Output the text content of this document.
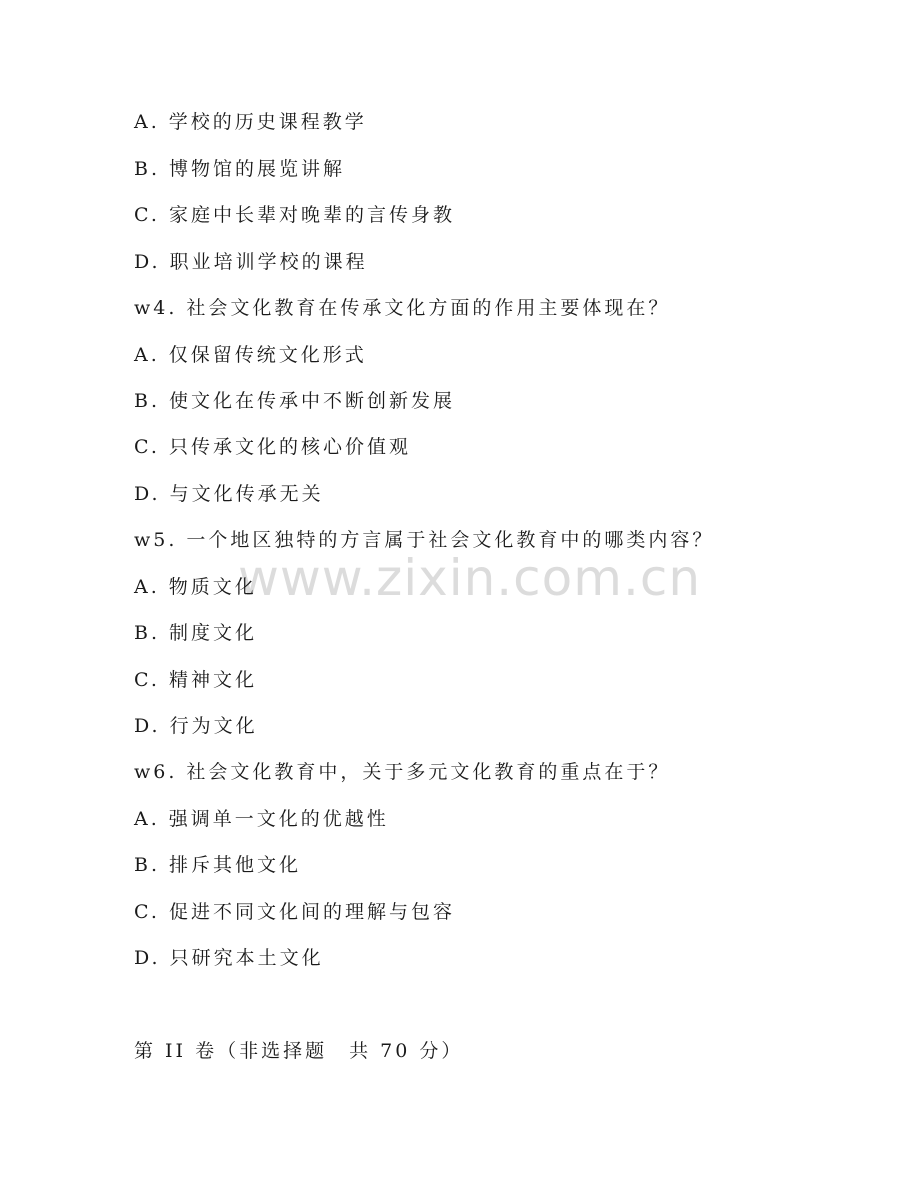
www.zixin.com.cn
A. 学校的历史课程教学
B. 博物馆的展览讲解
C. 家庭中长辈对晚辈的言传身教
D. 职业培训学校的课程
w4. 社会文化教育在传承文化方面的作用主要体现在？
A. 仅保留传统文化形式
B. 使文化在传承中不断创新发展
C. 只传承文化的核心价值观
D. 与文化传承无关
w5. 一个地区独特的方言属于社会文化教育中的哪类内容？
A. 物质文化
B. 制度文化
C. 精神文化
D. 行为文化
w6. 社会文化教育中，关于多元文化教育的重点在于？
A. 强调单一文化的优越性
B. 排斥其他文化
C. 促进不同文化间的理解与包容
D. 只研究本土文化
第 II 卷（非选择题　共 70 分）
